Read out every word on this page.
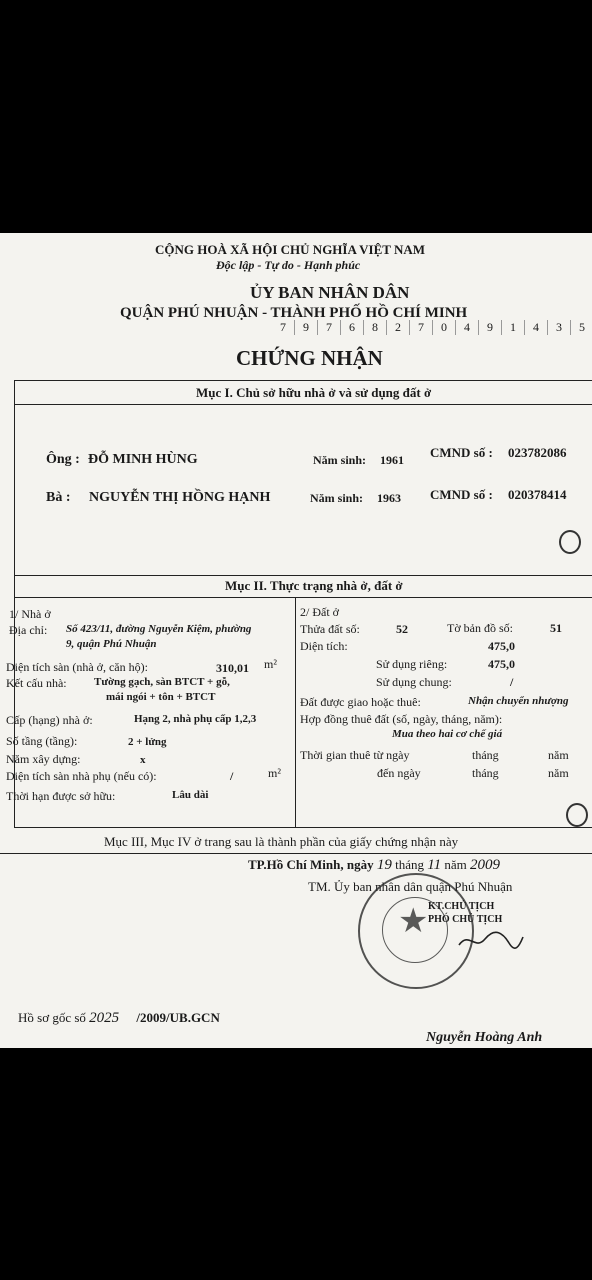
CỘNG HOÀ XÃ HỘI CHỦ NGHĨA VIỆT NAM
Độc lập - Tự do - Hạnh phúc
ỦY BAN NHÂN DÂN
QUẬN PHÚ NHUẬN - THÀNH PHỐ HỒ CHÍ MINH
7 9 7 6 8 2 7 0 4 9 1 4 3 5
CHỨNG NHẬN
Mục I. Chủ sở hữu nhà ở và sử dụng đất ở
Ông : ĐỖ MINH HÙNG	Năm sinh: 1961 CMND số : 023782086
Bà : NGUYỄN THỊ HỒNG HẠNH	Năm sinh: 1963 CMND số : 020378414
Mục II. Thực trạng nhà ở, đất ở
1/ Nhà ở
Địa chỉ: Số 423/11, đường Nguyễn Kiệm, phường
9, quận Phú Nhuận
Diện tích sàn (nhà ở, căn hộ):	310,01 m²
Kết cấu nhà: Tường gạch, sàn BTCT + gỗ,
mái ngói + tôn + BTCT
Cấp (hạng) nhà ở:	Hạng 2, nhà phụ cấp 1,2,3
Số tầng (tầng):	2 + lửng
Năm xây dựng:	x
Diện tích sàn nhà phụ (nếu có):	/	m²
Thời hạn được sở hữu:	Lâu dài
2/ Đất ở
Thửa đất số:	52	Tờ bản đồ số:	51
Diện tích:	475,0
Sử dụng riêng:	475,0
Sử dụng chung:	/
Đất được giao hoặc thuê:	Nhận chuyển nhượng
Hợp đồng thuê đất (số, ngày, tháng, năm):
Mua theo hai cơ chế giá
Thời gian thuê từ ngày	tháng	năm
đến ngày	tháng	năm
Mục III, Mục IV ở trang sau là thành phần của giấy chứng nhận này
TP.Hồ Chí Minh, ngày 19 tháng 11 năm 2009
TM. Ủy ban nhân dân quận Phú Nhuận
★ KT.CHỦ TỊCH
PHÓ CHỦ TỊCH
Hồ sơ gốc số 2025 /2009/UB.GCN
Nguyễn Hoàng Anh
